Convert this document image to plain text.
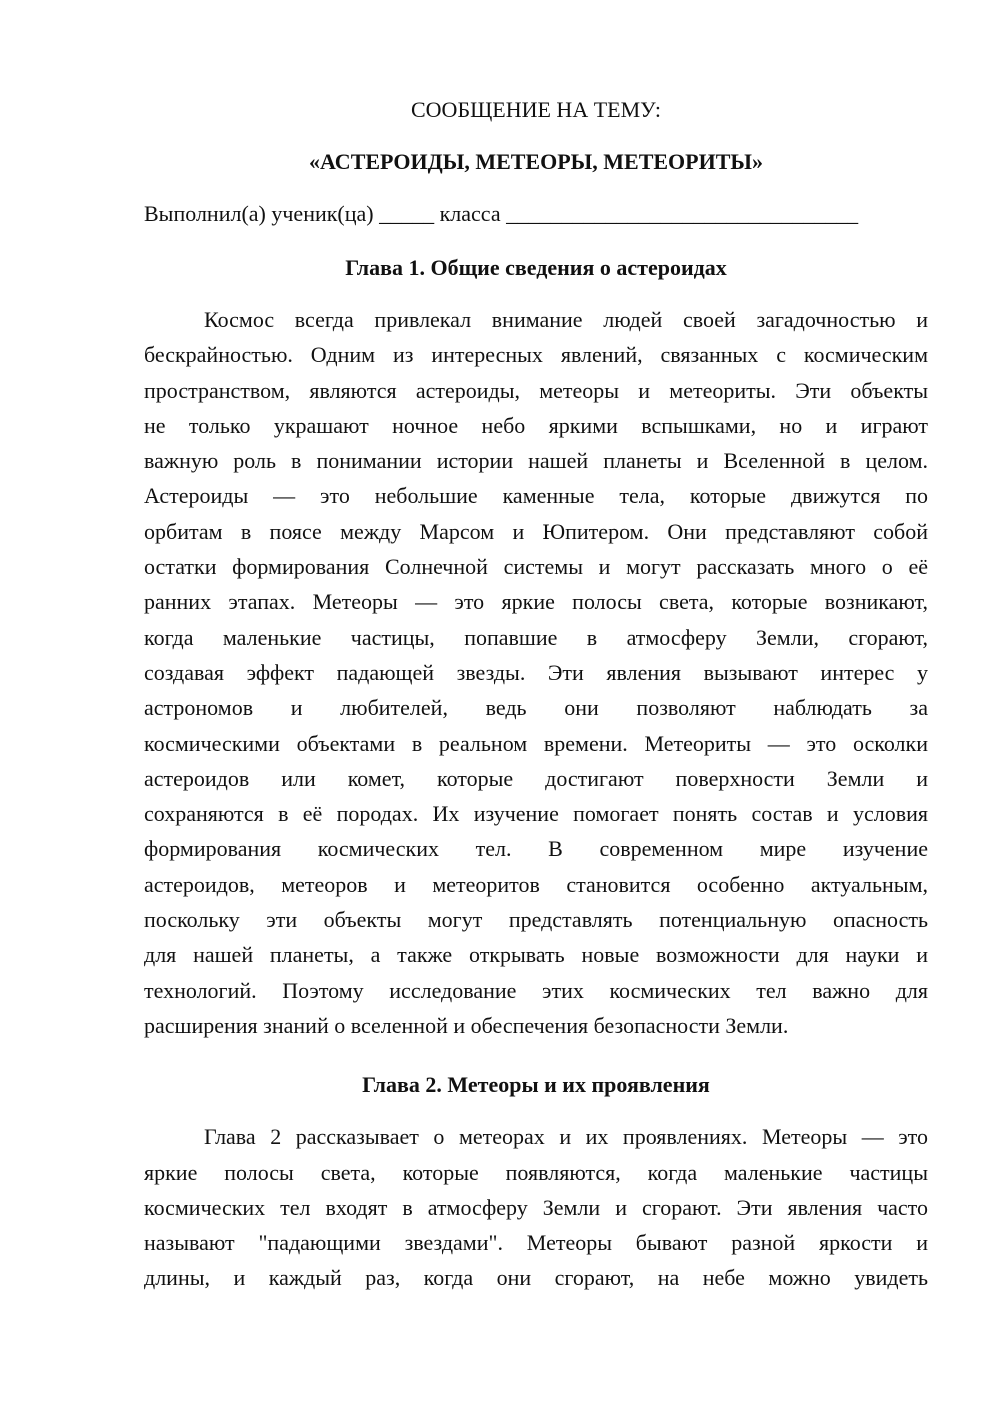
СООБЩЕНИЕ НА ТЕМУ:
«АСТЕРОИДЫ, МЕТЕОРЫ, МЕТЕОРИТЫ»
Выполнил(а) ученик(ца) _____ класса ________________________________
Глава 1. Общие сведения о астероидах
Космос всегда привлекал внимание людей своей загадочностью и
бескрайностью. Одним из интересных явлений, связанных с космическим
пространством, являются астероиды, метеоры и метеориты. Эти объекты
не только украшают ночное небо яркими вспышками, но и играют
важную роль в понимании истории нашей планеты и Вселенной в целом.
Астероиды — это небольшие каменные тела, которые движутся по
орбитам в поясе между Марсом и Юпитером. Они представляют собой
остатки формирования Солнечной системы и могут рассказать много о её
ранних этапах. Метеоры — это яркие полосы света, которые возникают,
когда маленькие частицы, попавшие в атмосферу Земли, сгорают,
создавая эффект падающей звезды. Эти явления вызывают интерес у
астрономов и любителей, ведь они позволяют наблюдать за
космическими объектами в реальном времени. Метеориты — это осколки
астероидов или комет, которые достигают поверхности Земли и
сохраняются в её породах. Их изучение помогает понять состав и условия
формирования космических тел. В современном мире изучение
астероидов, метеоров и метеоритов становится особенно актуальным,
поскольку эти объекты могут представлять потенциальную опасность
для нашей планеты, а также открывать новые возможности для науки и
технологий. Поэтому исследование этих космических тел важно для
расширения знаний о вселенной и обеспечения безопасности Земли.
Глава 2. Метеоры и их проявления
Глава 2 рассказывает о метеорах и их проявлениях. Метеоры — это
яркие полосы света, которые появляются, когда маленькие частицы
космических тел входят в атмосферу Земли и сгорают. Эти явления часто
называют "падающими звездами". Метеоры бывают разной яркости и
длины, и каждый раз, когда они сгорают, на небе можно увидеть
